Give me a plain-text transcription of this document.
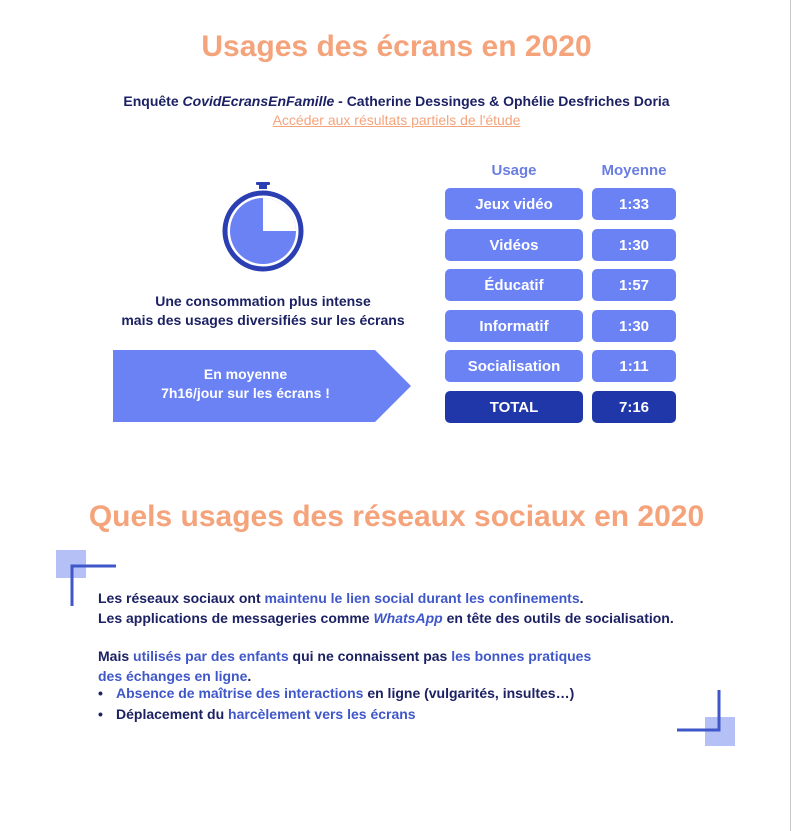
Usages des écrans en 2020
Enquête CovidEcransEnFamille - Catherine Dessinges & Ophélie Desfriches Doria
Accéder aux résultats partiels de l'étude
Une consommation plus intense
mais des usages diversifiés sur les écrans
En moyenne
7h16/jour sur les écrans !
Usage	Moyenne
Jeux vidéo	1:33
Vidéos	1:30
Éducatif	1:57
Informatif	1:30
Socialisation	1:11
TOTAL	7:16
Quels usages des réseaux sociaux en 2020
Les réseaux sociaux ont maintenu le lien social durant les confinements.
Les applications de messageries comme WhatsApp en tête des outils de socialisation.
Mais utilisés par des enfants qui ne connaissent pas les bonnes pratiques
des échanges en ligne.
• Absence de maîtrise des interactions en ligne (vulgarités, insultes…)
• Déplacement du harcèlement vers les écrans
